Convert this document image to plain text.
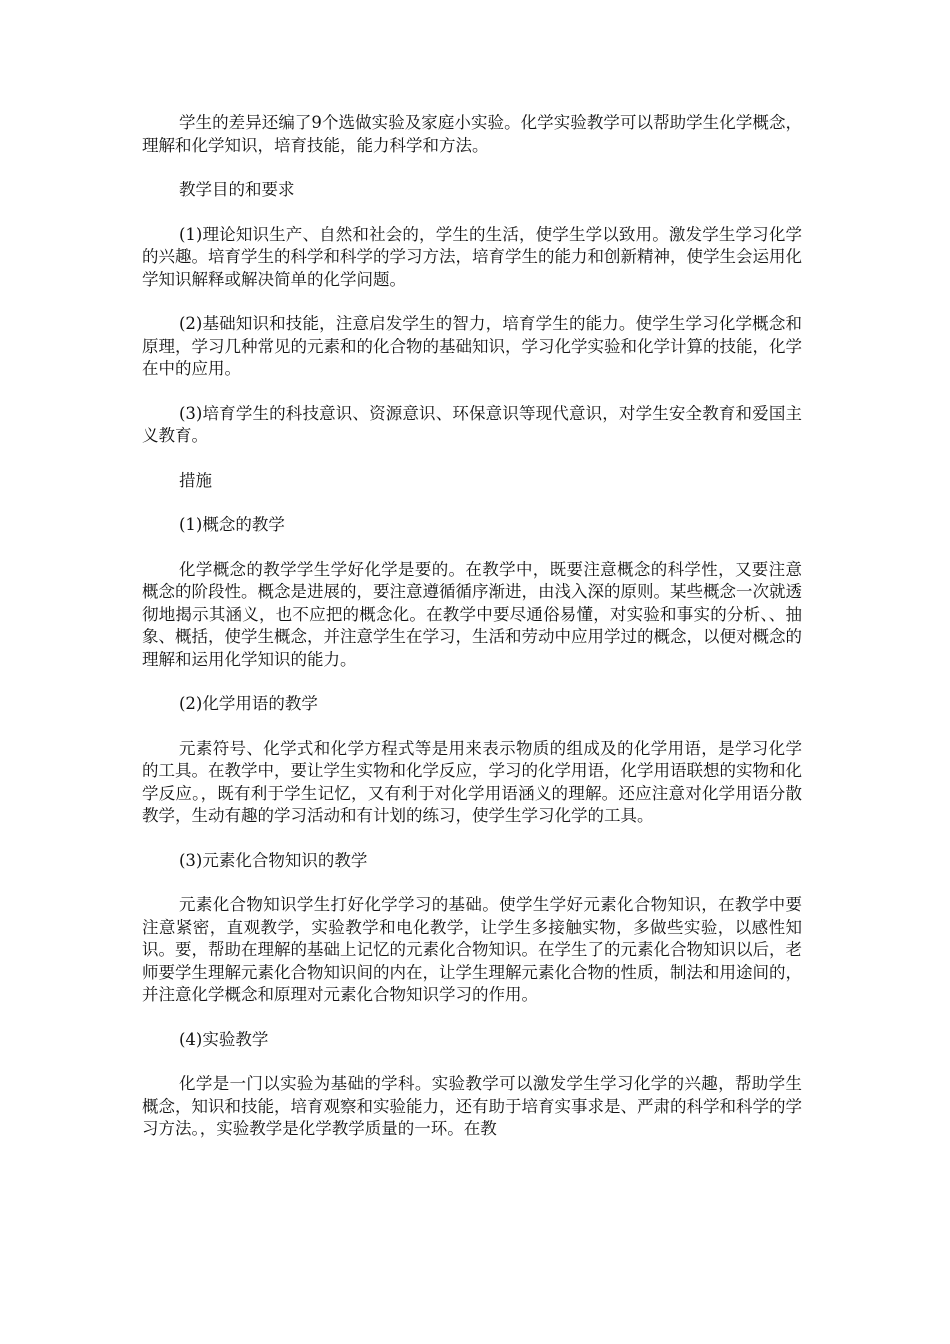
学生的差异还编了9个选做实验及家庭小实验。化学实验教学可以帮助学生化学概念，理解和化学知识，培育技能，能力科学和方法。

教学目的和要求

(1)理论知识生产、自然和社会的，学生的生活，使学生学以致用。激发学生学习化学的兴趣。培育学生的科学和科学的学习方法，培育学生的能力和创新精神，使学生会运用化学知识解释或解决简单的化学问题。

(2)基础知识和技能，注意启发学生的智力，培育学生的能力。使学生学习化学概念和原理，学习几种常见的元素和的化合物的基础知识，学习化学实验和化学计算的技能，化学在中的应用。

(3)培育学生的科技意识、资源意识、环保意识等现代意识，对学生安全教育和爱国主义教育。

措施

(1)概念的教学

化学概念的教学学生学好化学是要的。在教学中，既要注意概念的科学性，又要注意概念的阶段性。概念是进展的，要注意遵循循序渐进，由浅入深的原则。某些概念一次就透彻地揭示其涵义，也不应把的概念化。在教学中要尽通俗易懂，对实验和事实的分析、、抽象、概括，使学生概念，并注意学生在学习，生活和劳动中应用学过的概念，以便对概念的理解和运用化学知识的能力。

(2)化学用语的教学

元素符号、化学式和化学方程式等是用来表示物质的组成及的化学用语，是学习化学的工具。在教学中，要让学生实物和化学反应，学习的化学用语，化学用语联想的实物和化学反应。，既有利于学生记忆，又有利于对化学用语涵义的理解。还应注意对化学用语分散教学，生动有趣的学习活动和有计划的练习，使学生学习化学的工具。

(3)元素化合物知识的教学

元素化合物知识学生打好化学学习的基础。使学生学好元素化合物知识，在教学中要注意紧密，直观教学，实验教学和电化教学，让学生多接触实物，多做些实验，以感性知识。要，帮助在理解的基础上记忆的元素化合物知识。在学生了的元素化合物知识以后，老师要学生理解元素化合物知识间的内在，让学生理解元素化合物的性质，制法和用途间的，并注意化学概念和原理对元素化合物知识学习的作用。

(4)实验教学

化学是一门以实验为基础的学科。实验教学可以激发学生学习化学的兴趣，帮助学生概念，知识和技能，培育观察和实验能力，还有助于培育实事求是、严肃的科学和科学的学习方法。，实验教学是化学教学质量的一环。在教
